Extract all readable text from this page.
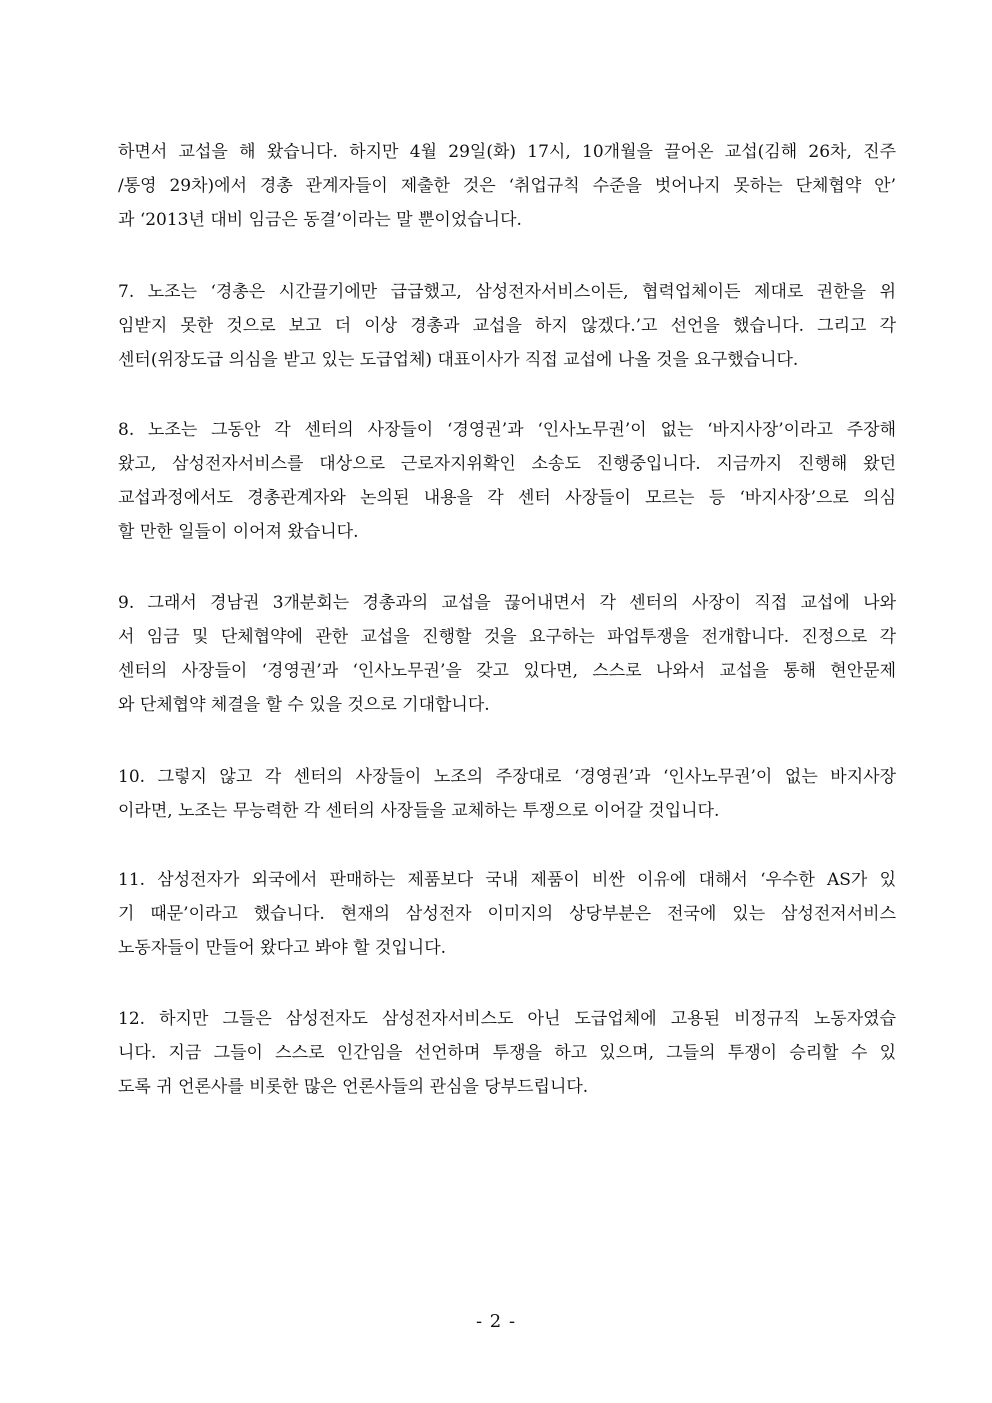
하면서 교섭을 해 왔습니다. 하지만 4월 29일(화) 17시, 10개월을 끌어온 교섭(김해 26차, 진주
/통영 29차)에서 경총 관계자들이 제출한 것은 ‘취업규칙 수준을 벗어나지 못하는 단체협약 안’
과 ‘2013년 대비 임금은 동결’이라는 말 뿐이었습니다.
7. 노조는 ‘경총은 시간끌기에만 급급했고, 삼성전자서비스이든, 협력업체이든 제대로 권한을 위
임받지 못한 것으로 보고 더 이상 경총과 교섭을 하지 않겠다.’고 선언을 했습니다. 그리고 각
센터(위장도급 의심을 받고 있는 도급업체) 대표이사가 직접 교섭에 나올 것을 요구했습니다.
8. 노조는 그동안 각 센터의 사장들이 ‘경영권’과 ‘인사노무권’이 없는 ‘바지사장’이라고 주장해
왔고, 삼성전자서비스를 대상으로 근로자지위확인 소송도 진행중입니다. 지금까지 진행해 왔던
교섭과정에서도 경총관계자와 논의된 내용을 각 센터 사장들이 모르는 등 ‘바지사장’으로 의심
할 만한 일들이 이어져 왔습니다.
9. 그래서 경남권 3개분회는 경총과의 교섭을 끊어내면서 각 센터의 사장이 직접 교섭에 나와
서 임금 및 단체협약에 관한 교섭을 진행할 것을 요구하는 파업투쟁을 전개합니다. 진정으로 각
센터의 사장들이 ‘경영권’과 ‘인사노무권’을 갖고 있다면, 스스로 나와서 교섭을 통해 현안문제
와 단체협약 체결을 할 수 있을 것으로 기대합니다.
10. 그렇지 않고 각 센터의 사장들이 노조의 주장대로 ‘경영권’과 ‘인사노무권’이 없는 바지사장
이라면, 노조는 무능력한 각 센터의 사장들을 교체하는 투쟁으로 이어갈 것입니다.
11. 삼성전자가 외국에서 판매하는 제품보다 국내 제품이 비싼 이유에 대해서 ‘우수한 AS가 있
기 때문’이라고 했습니다. 현재의 삼성전자 이미지의 상당부분은 전국에 있는 삼성전저서비스
노동자들이 만들어 왔다고 봐야 할 것입니다.
12. 하지만 그들은 삼성전자도 삼성전자서비스도 아닌 도급업체에 고용된 비정규직 노동자였습
니다. 지금 그들이 스스로 인간임을 선언하며 투쟁을 하고 있으며, 그들의 투쟁이 승리할 수 있
도록 귀 언론사를 비롯한 많은 언론사들의 관심을 당부드립니다.
- 2 -
